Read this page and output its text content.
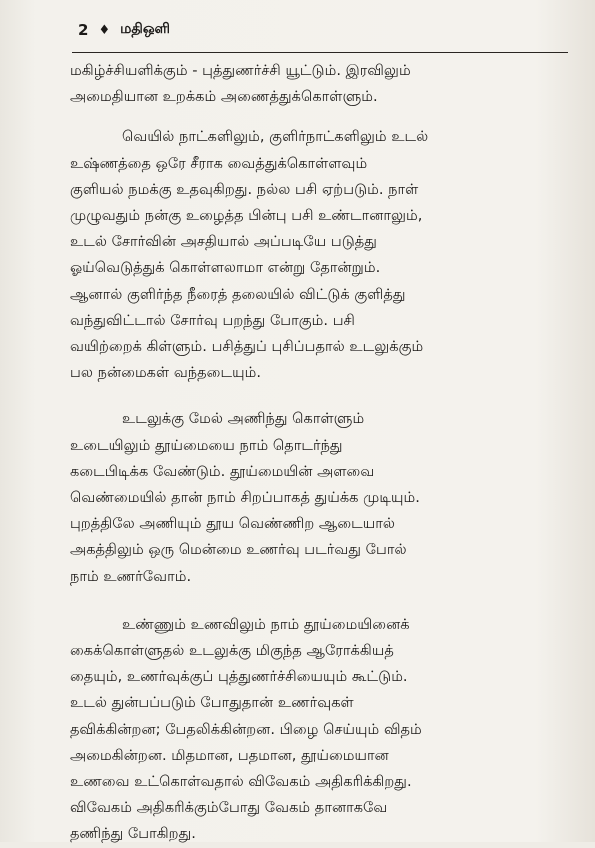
2 ♦ மதிஒளி

மகிழ்ச்சியளிக்கும் - புத்துணர்ச்சி யூட்டும். இரவிலும்
அமைதியான உறக்கம் அணைத்துக்கொள்ளும்.

வெயில் நாட்களிலும், குளிர்நாட்களிலும் உடல்
உஷ்ணத்தை ஒரே சீராக வைத்துக்கொள்ளவும்
குளியல் நமக்கு உதவுகிறது. நல்ல பசி ஏற்படும். நாள்
முழுவதும் நன்கு உழைத்த பின்பு பசி உண்டானாலும்,
உடல் சோர்வின் அசதியால் அப்படியே படுத்து
ஓய்வெடுத்துக் கொள்ளலாமா என்று தோன்றும்.
ஆனால் குளிர்ந்த நீரைத் தலையில் விட்டுக் குளித்து
வந்துவிட்டால் சோர்வு பறந்து போகும். பசி
வயிற்றைக் கிள்ளும். பசித்துப் புசிப்பதால் உடலுக்கும்
பல நன்மைகள் வந்தடையும்.

உடலுக்கு மேல் அணிந்து கொள்ளும்
உடையிலும் தூய்மையை நாம் தொடர்ந்து
கடைபிடிக்க வேண்டும். தூய்மையின் அளவை
வெண்மையில் தான் நாம் சிறப்பாகத் துய்க்க முடியும்.
புறத்திலே அணியும் தூய வெண்ணிற ஆடையால்
அகத்திலும் ஒரு மென்மை உணர்வு படர்வது போல்
நாம் உணர்வோம்.

உண்ணும் உணவிலும் நாம் தூய்மையினைக்
கைக்கொள்ளுதல் உடலுக்கு மிகுந்த ஆரோக்கியத்
தையும், உணர்வுக்குப் புத்துணர்ச்சியையும் கூட்டும்.
உடல் துன்பப்படும் போதுதான் உணர்வுகள்
தவிக்கின்றன; பேதலிக்கின்றன. பிழை செய்யும் விதம்
அமைகின்றன. மிதமான, பதமான, தூய்மையான
உணவை உட்கொள்வதால் விவேகம் அதிகரிக்கிறது.
விவேகம் அதிகரிக்கும்போது வேகம் தானாகவே
தணிந்து போகிறது.
